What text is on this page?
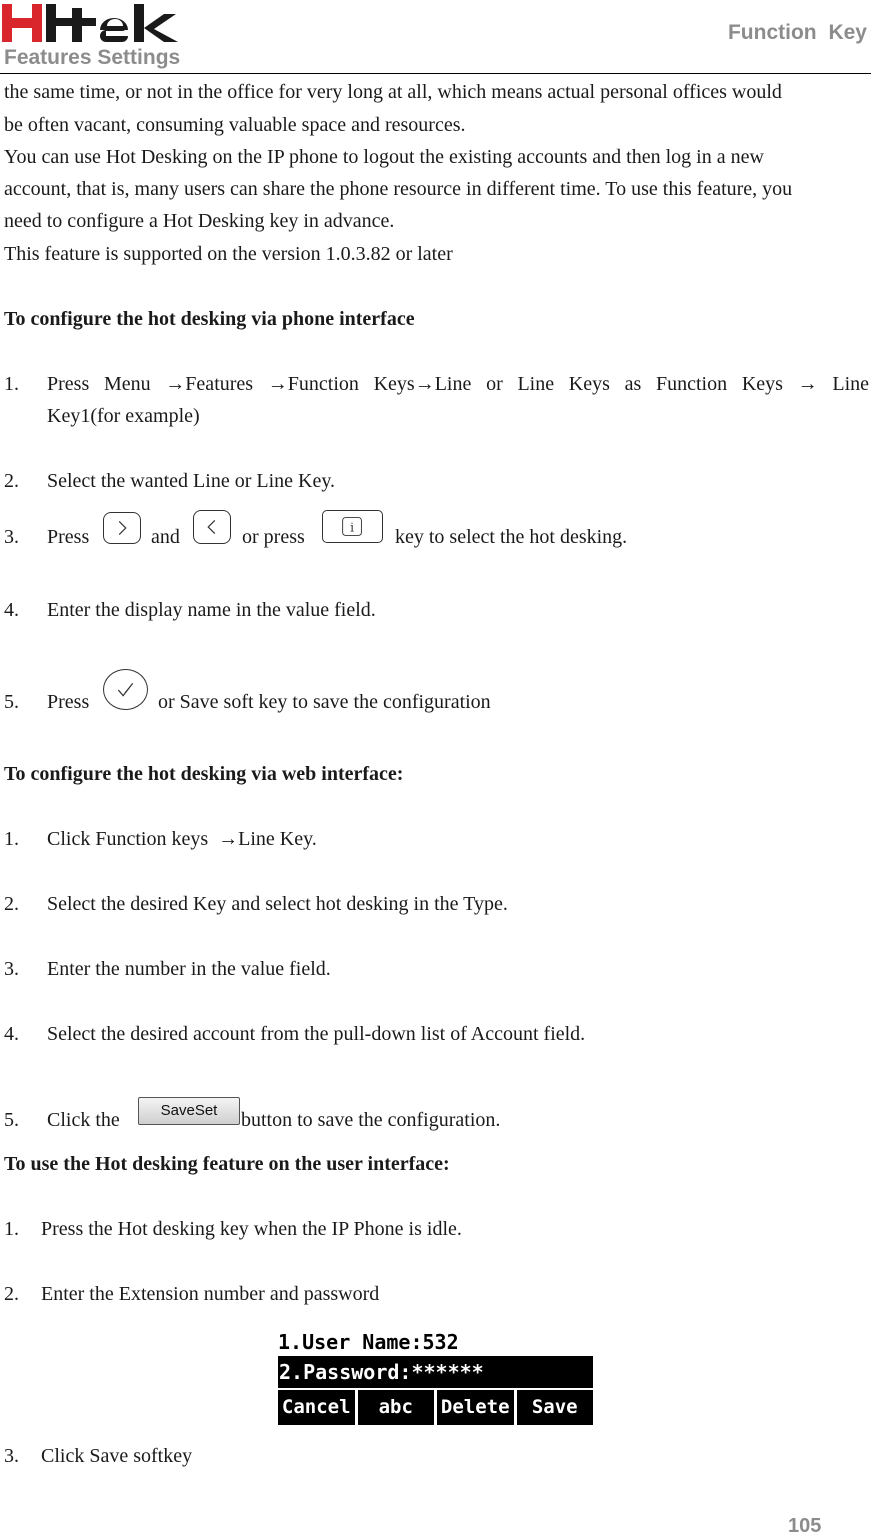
Features Settings
Function Key
the same time, or not in the office for very long at all, which means actual personal offices would
be often vacant, consuming valuable space and resources.
You can use Hot Desking on the IP phone to logout the existing accounts and then log in a new
account, that is, many users can share the phone resource in different time. To use this feature, you
need to configure a Hot Desking key in advance.
This feature is supported on the version 1.0.3.82 or later
To configure the hot desking via phone interface
1. Press  Menu  →Features  →Function  Keys→Line  or  Line  Keys  as  Function  Keys  →  Line
Key1(for example)
2. Select the wanted Line or Line Key.
3. Press	and	or press	i key to select the hot desking.
4. Enter the display name in the value field.
5. Press	or Save soft key to save the configuration
To configure the hot desking via web interface:
1. Click Function keys  →Line Key.
2. Select the desired Key and select hot desking in the Type.
3. Enter the number in the value field.
4. Select the desired account from the pull-down list of Account field.
5. Click the	SaveSet	button to save the configuration.
To use the Hot desking feature on the user interface:
1. Press the Hot desking key when the IP Phone is idle.
2. Enter the Extension number and password
1.User Name:532
2.Password:******
Cancel	abc	Delete	Save
3. Click Save softkey
105
